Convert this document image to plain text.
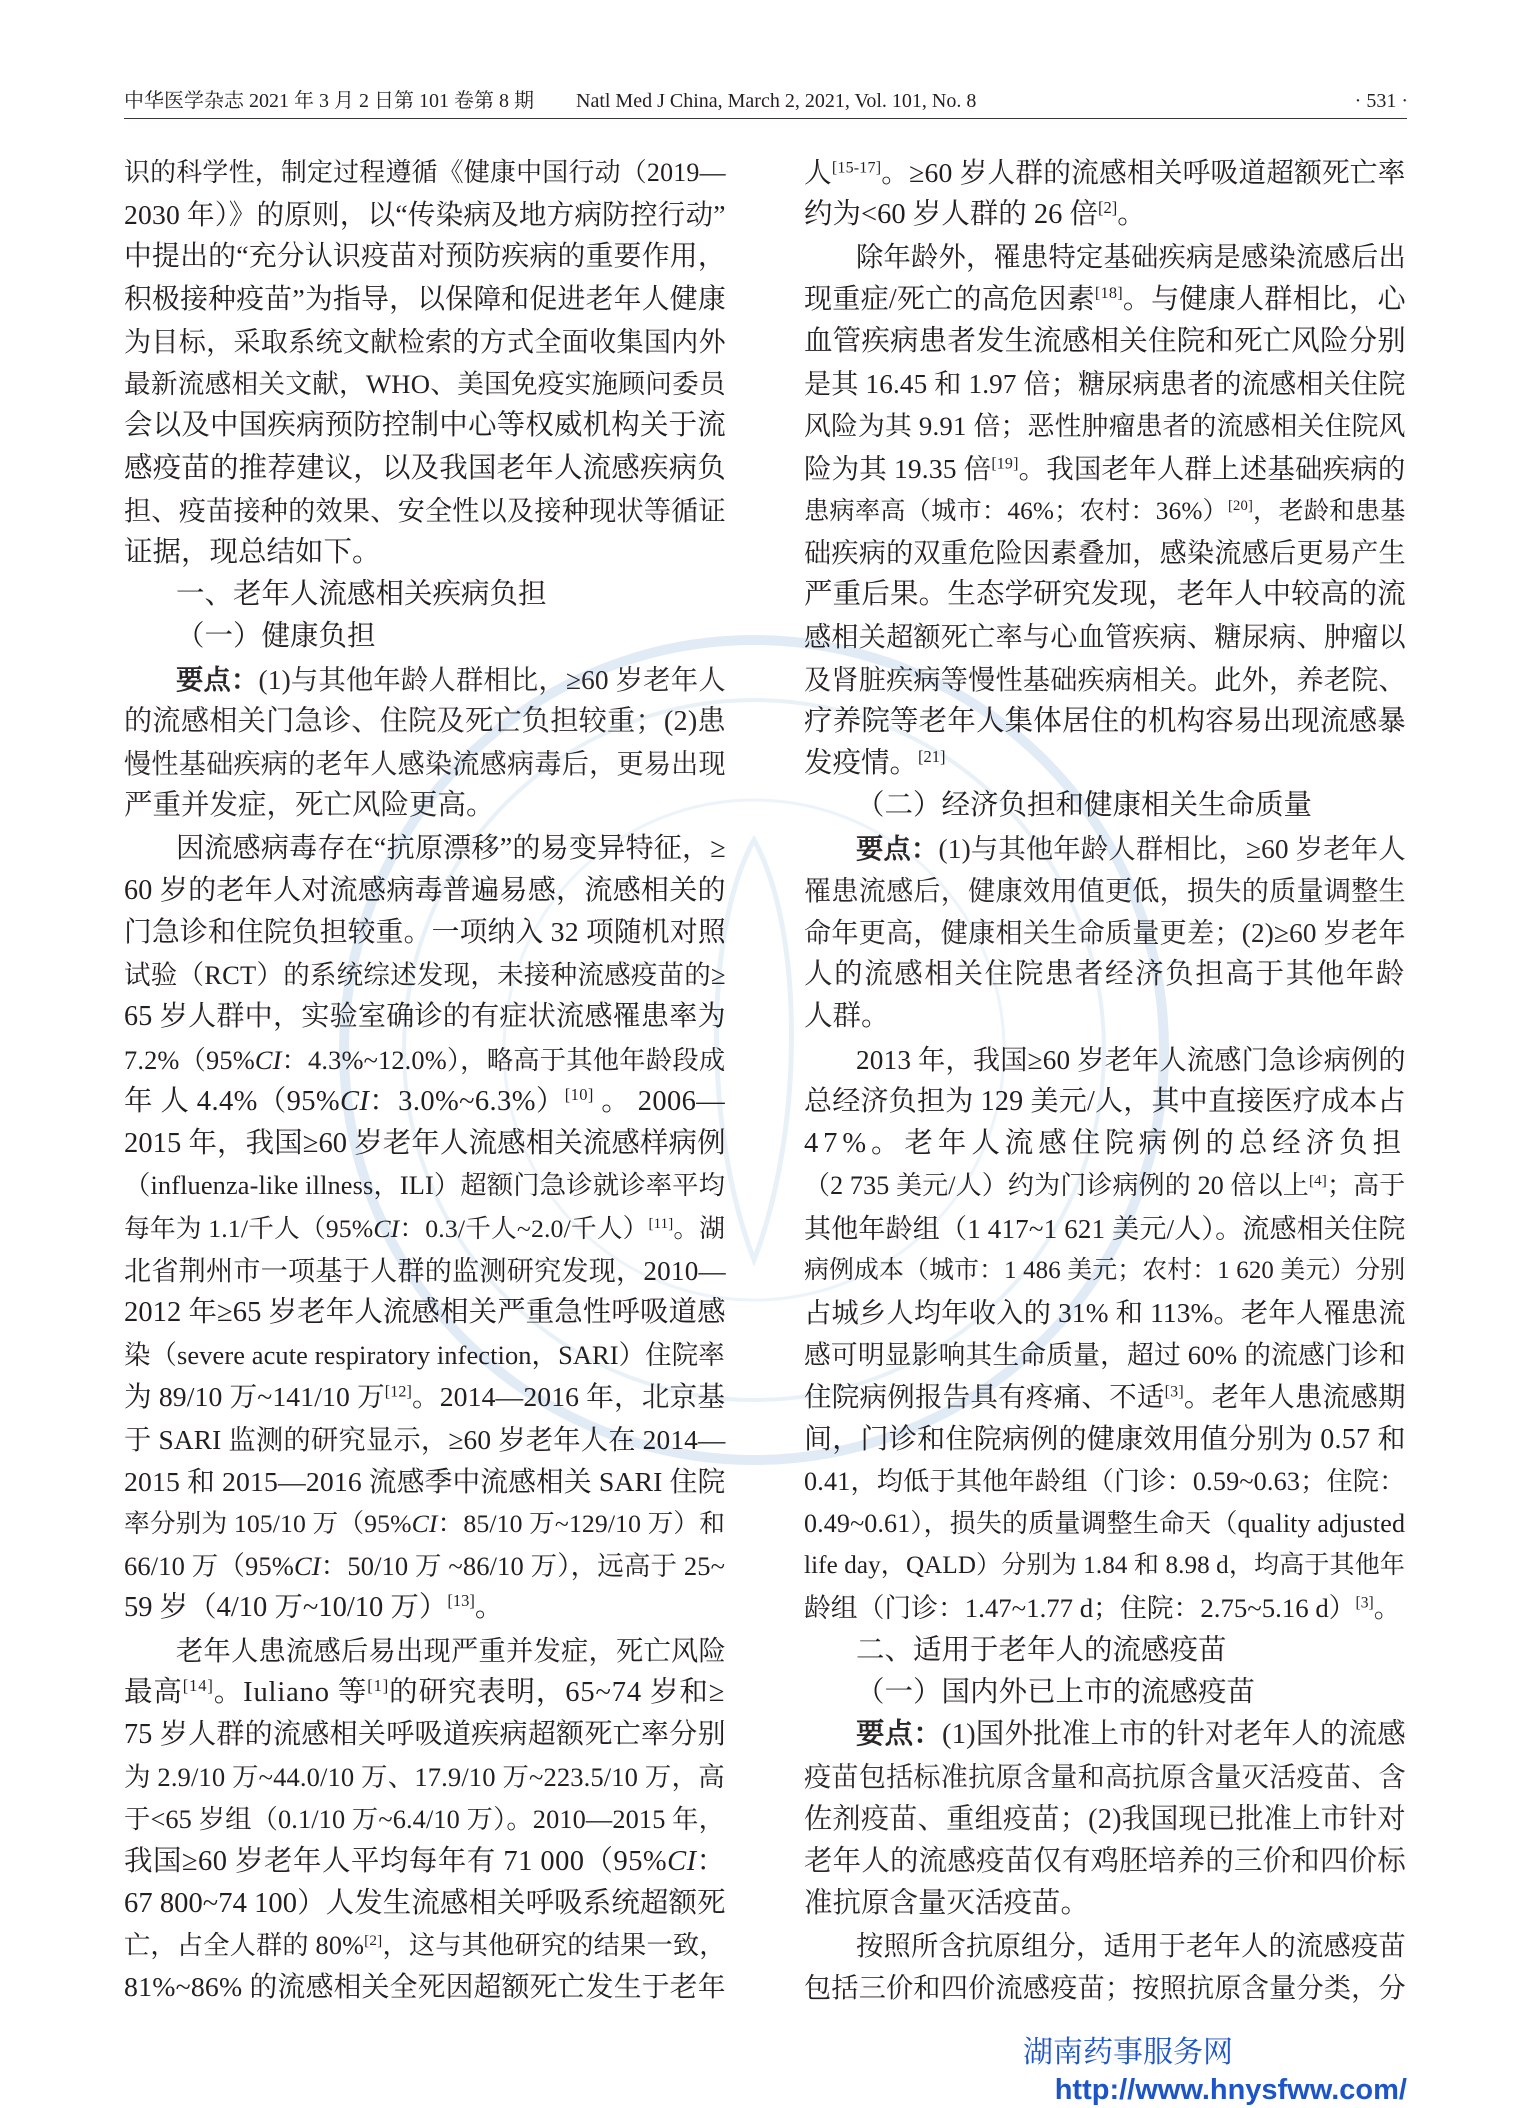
中华医学杂志 2021 年 3 月 2 日第 101 卷第 8 期 Natl Med J China, March 2, 2021, Vol. 101, No. 8	· 531 ·
识的科学性，制定过程遵循《健康中国行动（2019—
2030 年）》的原则，以“传染病及地方病防控行动”
中提出的“充分认识疫苗对预防疾病的重要作用，
积极接种疫苗”为指导，以保障和促进老年人健康
为目标，采取系统文献检索的方式全面收集国内外
最新流感相关文献，WHO、美国免疫实施顾问委员
会以及中国疾病预防控制中心等权威机构关于流
感疫苗的推荐建议，以及我国老年人流感疾病负
担、疫苗接种的效果、安全性以及接种现状等循证
证据，现总结如下。
一、老年人流感相关疾病负担
（一）健康负担
要点：(1)与其他年龄人群相比，≥60 岁老年人
的流感相关门急诊、住院及死亡负担较重；(2)患
慢性基础疾病的老年人感染流感病毒后，更易出现
严重并发症，死亡风险更高。
因流感病毒存在“抗原漂移”的易变异特征，≥
60 岁的老年人对流感病毒普遍易感，流感相关的
门急诊和住院负担较重。一项纳入 32 项随机对照
试验（RCT）的系统综述发现，未接种流感疫苗的≥
65 岁人群中，实验室确诊的有症状流感罹患率为
7.2%（95%CI：4.3%~12.0%），略高于其他年龄段成
年 人 4.4%（95%CI：3.0%~6.3%）[10] 。 2006—
2015 年，我国≥60 岁老年人流感相关流感样病例
（influenza-like illness，ILI）超额门急诊就诊率平均
每年为 1.1/千人（95%CI：0.3/千人~2.0/千人）[11]。湖
北省荆州市一项基于人群的监测研究发现，2010—
2012 年≥65 岁老年人流感相关严重急性呼吸道感
染（severe acute respiratory infection，SARI）住院率
为 89/10 万~141/10 万[12]。2014—2016 年，北京基
于 SARI 监测的研究显示，≥60 岁老年人在 2014—
2015 和 2015—2016 流感季中流感相关 SARI 住院
率分别为 105/10 万（95%CI：85/10 万~129/10 万）和
66/10 万（95%CI：50/10 万 ~86/10 万），远高于 25~
59 岁（4/10 万~10/10 万）[13]。
老年人患流感后易出现严重并发症，死亡风险
最高[14]。Iuliano 等[1]的研究表明，65~74 岁和≥
75 岁人群的流感相关呼吸道疾病超额死亡率分别
为 2.9/10 万~44.0/10 万、17.9/10 万~223.5/10 万，高
于<65 岁组（0.1/10 万~6.4/10 万）。2010—2015 年，
我国≥60 岁老年人平均每年有 71 000（95%CI：
67 800~74 100）人发生流感相关呼吸系统超额死
亡，占全人群的 80%[2]，这与其他研究的结果一致，
81%~86% 的流感相关全死因超额死亡发生于老年
人[15-17]。≥60 岁人群的流感相关呼吸道超额死亡率
约为<60 岁人群的 26 倍[2]。
除年龄外，罹患特定基础疾病是感染流感后出
现重症/死亡的高危因素[18]。与健康人群相比，心
血管疾病患者发生流感相关住院和死亡风险分别
是其 16.45 和 1.97 倍；糖尿病患者的流感相关住院
风险为其 9.91 倍；恶性肿瘤患者的流感相关住院风
险为其 19.35 倍[19]。我国老年人群上述基础疾病的
患病率高（城市：46%；农村：36%）[20]，老龄和患基
础疾病的双重危险因素叠加，感染流感后更易产生
严重后果。生态学研究发现，老年人中较高的流
感相关超额死亡率与心血管疾病、糖尿病、肿瘤以
及肾脏疾病等慢性基础疾病相关。此外，养老院、
疗养院等老年人集体居住的机构容易出现流感暴
发疫情。[21]
（二）经济负担和健康相关生命质量
要点：(1)与其他年龄人群相比，≥60 岁老年人
罹患流感后，健康效用值更低，损失的质量调整生
命年更高，健康相关生命质量更差；(2)≥60 岁老年
人的流感相关住院患者经济负担高于其他年龄
人群。
2013 年，我国≥60 岁老年人流感门急诊病例的
总经济负担为 129 美元/人，其中直接医疗成本占
47%。老年人流感住院病例的总经济负担
（2 735 美元/人）约为门诊病例的 20 倍以上[4]；高于
其他年龄组（1 417~1 621 美元/人）。流感相关住院
病例成本（城市：1 486 美元；农村：1 620 美元）分别
占城乡人均年收入的 31% 和 113%。老年人罹患流
感可明显影响其生命质量，超过 60% 的流感门诊和
住院病例报告具有疼痛、不适[3]。老年人患流感期
间，门诊和住院病例的健康效用值分别为 0.57 和
0.41，均低于其他年龄组（门诊：0.59~0.63；住院：
0.49~0.61），损失的质量调整生命天（quality adjusted
life day，QALD）分别为 1.84 和 8.98 d，均高于其他年
龄组（门诊：1.47~1.77 d；住院：2.75~5.16 d）[3]。
二、适用于老年人的流感疫苗
（一）国内外已上市的流感疫苗
要点：(1)国外批准上市的针对老年人的流感
疫苗包括标准抗原含量和高抗原含量灭活疫苗、含
佐剂疫苗、重组疫苗；(2)我国现已批准上市针对
老年人的流感疫苗仅有鸡胚培养的三价和四价标
准抗原含量灭活疫苗。
按照所含抗原组分，适用于老年人的流感疫苗
包括三价和四价流感疫苗；按照抗原含量分类，分
湖南药事服务网
http://www.hnysfww.com/
